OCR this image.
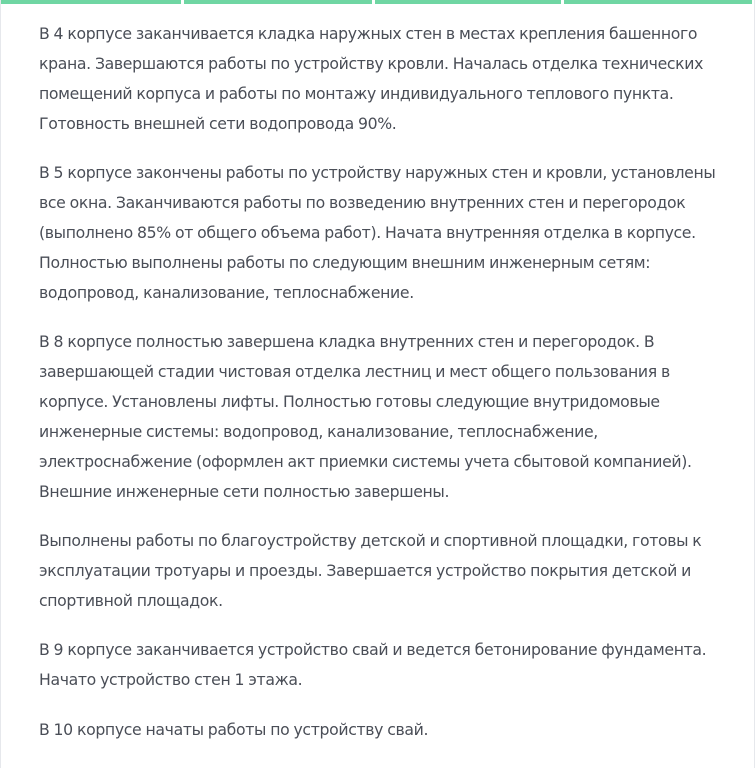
В 4 корпусе заканчивается кладка наружных стен в местах крепления башенного крана. Завершаются работы по устройству кровли. Началась отделка технических помещений корпуса и работы по монтажу индивидуального теплового пункта. Готовность внешней сети водопровода 90%.

В 5 корпусе закончены работы по устройству наружных стен и кровли, установлены все окна. Заканчиваются работы по возведению внутренних стен и перегородок (выполнено 85% от общего объема работ). Начата внутренняя отделка в корпусе. Полностью выполнены работы по следующим внешним инженерным сетям: водопровод, канализование, теплоснабжение.

В 8 корпусе полностью завершена кладка внутренних стен и перегородок. В завершающей стадии чистовая отделка лестниц и мест общего пользования в корпусе. Установлены лифты. Полностью готовы следующие внутридомовые инженерные системы: водопровод, канализование, теплоснабжение, электроснабжение (оформлен акт приемки системы учета сбытовой компанией). Внешние инженерные сети полностью завершены.

Выполнены работы по благоустройству детской и спортивной площадки, готовы к эксплуатации тротуары и проезды. Завершается устройство покрытия детской и спортивной площадок.

В 9 корпусе заканчивается устройство свай и ведется бетонирование фундамента. Начато устройство стен 1 этажа.

В 10 корпусе начаты работы по устройству свай.
